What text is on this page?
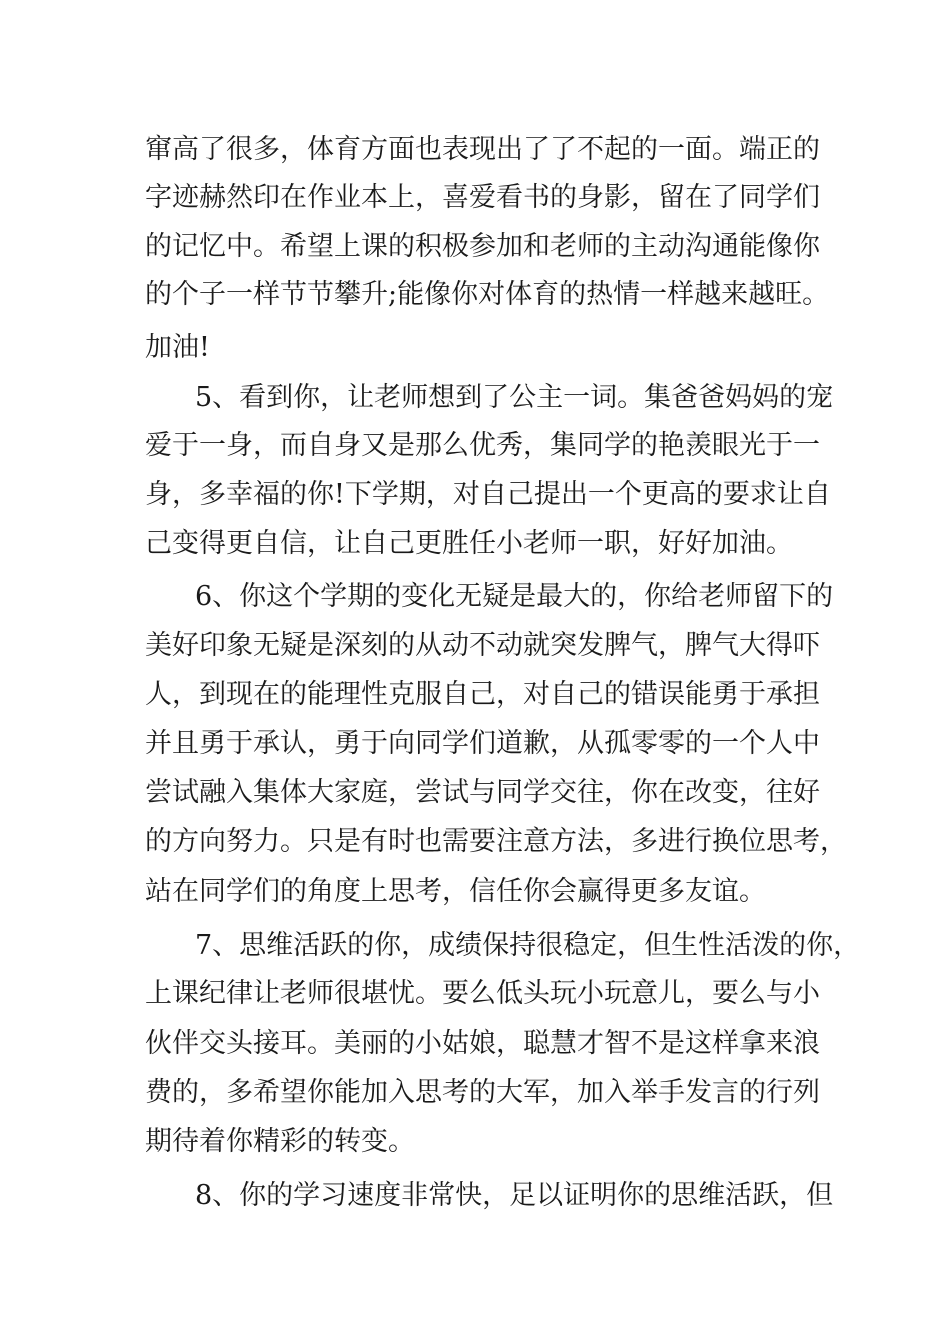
窜高了很多，体育方面也表现出了了不起的一面。端正的
字迹赫然印在作业本上，喜爱看书的身影，留在了同学们
的记忆中。希望上课的积极参加和老师的主动沟通能像你
的个子一样节节攀升;能像你对体育的热情一样越来越旺。
加油!
5、看到你，让老师想到了公主一词。集爸爸妈妈的宠
爱于一身，而自身又是那么优秀，集同学的艳羡眼光于一
身，多幸福的你!下学期，对自己提出一个更高的要求让自
己变得更自信，让自己更胜任小老师一职，好好加油。
6、你这个学期的变化无疑是最大的，你给老师留下的
美好印象无疑是深刻的从动不动就突发脾气，脾气大得吓
人，到现在的能理性克服自己，对自己的错误能勇于承担
并且勇于承认，勇于向同学们道歉，从孤零零的一个人中
尝试融入集体大家庭，尝试与同学交往，你在改变，往好
的方向努力。只是有时也需要注意方法，多进行换位思考，
站在同学们的角度上思考，信任你会赢得更多友谊。
7、思维活跃的你，成绩保持很稳定，但生性活泼的你，
上课纪律让老师很堪忧。要么低头玩小玩意儿，要么与小
伙伴交头接耳。美丽的小姑娘，聪慧才智不是这样拿来浪
费的，多希望你能加入思考的大军，加入举手发言的行列
期待着你精彩的转变。
8、你的学习速度非常快，足以证明你的思维活跃，但
